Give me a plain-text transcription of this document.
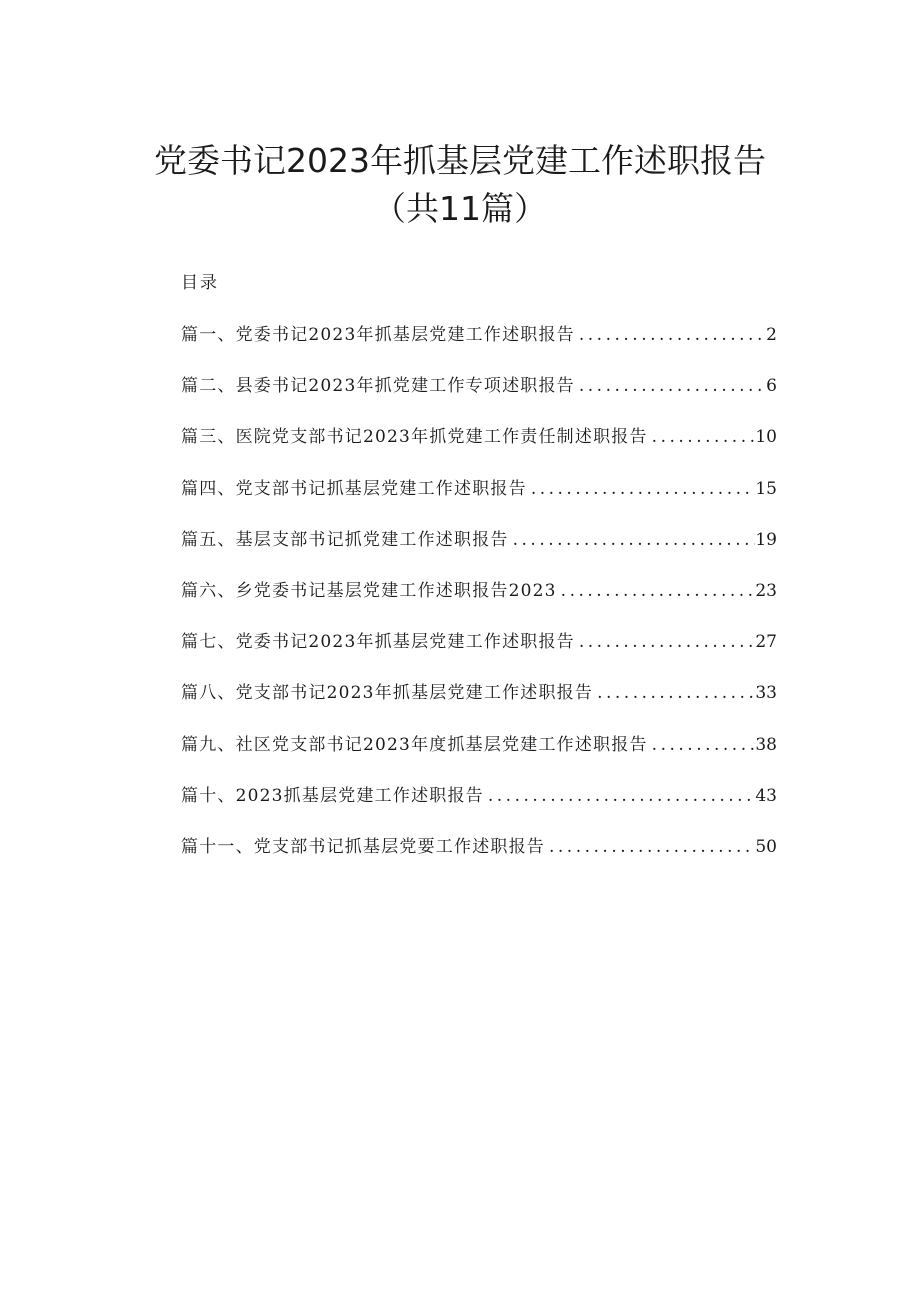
党委书记2023年抓基层党建工作述职报告
（共11篇）
目录
篇一、党委书记2023年抓基层党建工作述职报告 .....	2
篇二、县委书记2023年抓党建工作专项述职报告 .....	6
篇三、医院党支部书记2023年抓党建工作责任制述职报告 .....	10
篇四、党支部书记抓基层党建工作述职报告 .....	15
篇五、基层支部书记抓党建工作述职报告 .....	19
篇六、乡党委书记基层党建工作述职报告2023 .....	23
篇七、党委书记2023年抓基层党建工作述职报告 .....	27
篇八、党支部书记2023年抓基层党建工作述职报告 .....	33
篇九、社区党支部书记2023年度抓基层党建工作述职报告 .....	38
篇十、2023抓基层党建工作述职报告 .....	43
篇十一、党支部书记抓基层党要工作述职报告 .....	50
